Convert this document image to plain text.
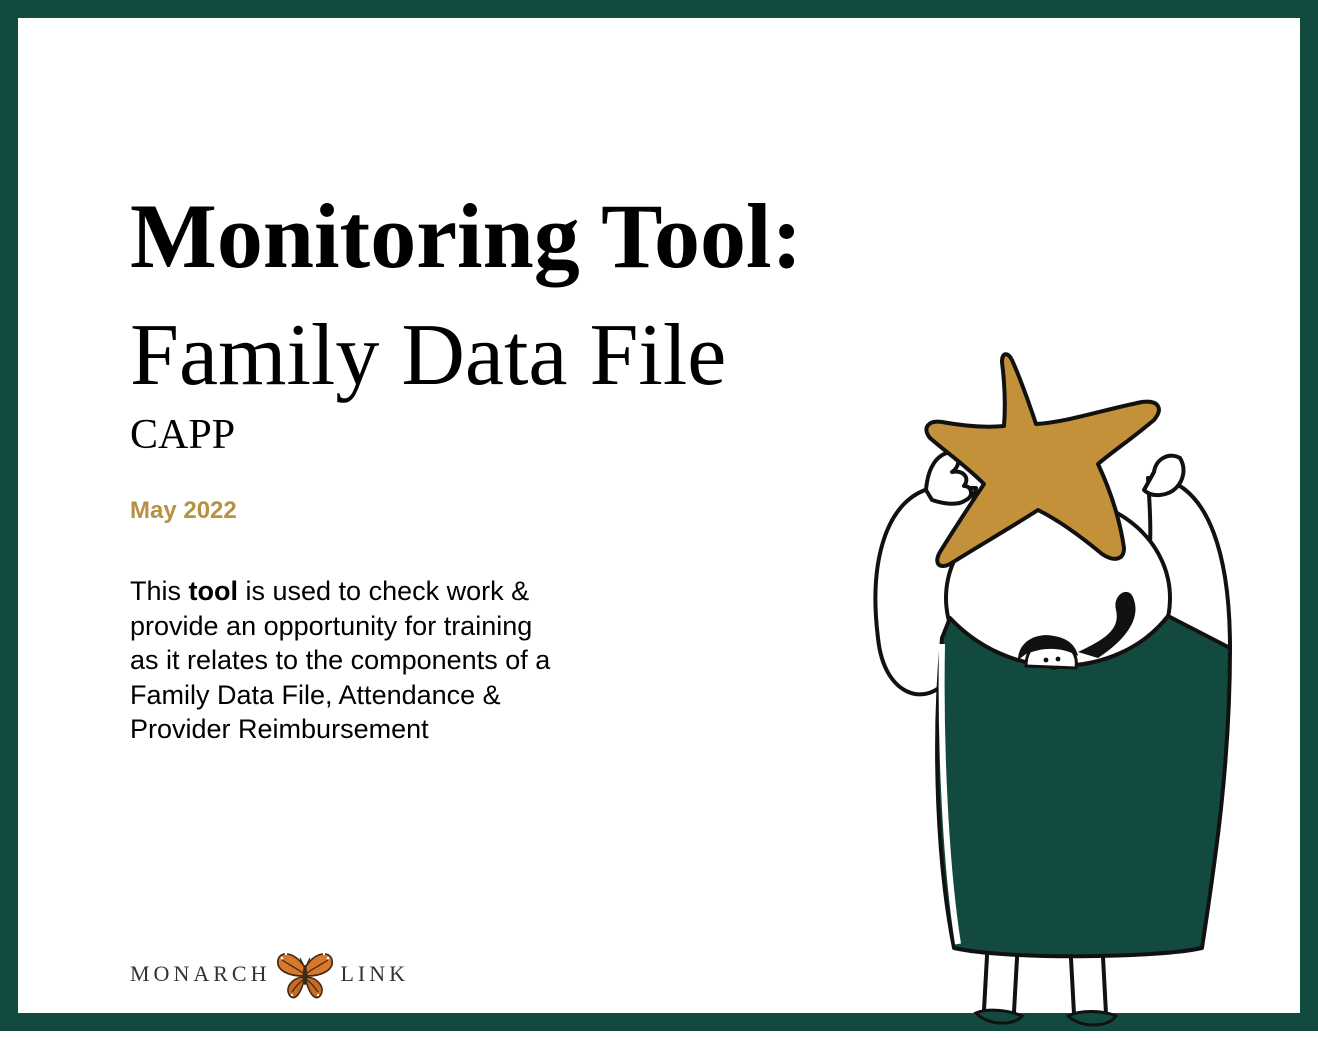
Monitoring Tool:
Family Data File
CAPP
May 2022

This tool is used to check work & provide an opportunity for training as it relates to the components of a Family Data File, Attendance & Provider Reimbursement

MONARCH	LINK
